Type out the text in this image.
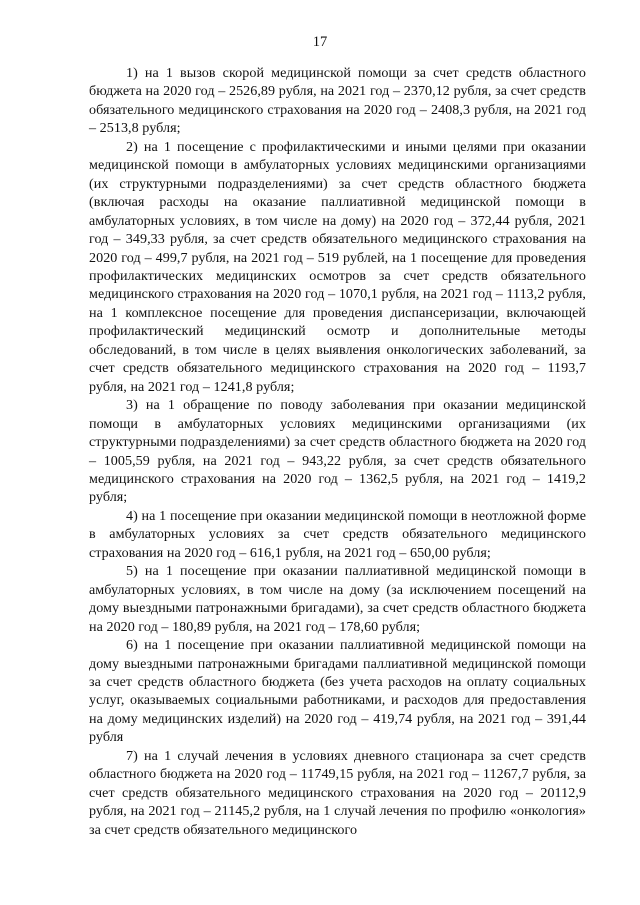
17

1) на 1 вызов скорой медицинской помощи за счет средств областного бюджета на 2020 год – 2526,89 рубля, на 2021 год – 2370,12 рубля, за счет средств обязательного медицинского страхования на 2020 год – 2408,3 рубля, на 2021 год – 2513,8 рубля;

2) на 1 посещение с профилактическими и иными целями при оказании медицинской помощи в амбулаторных условиях медицинскими организациями (их структурными подразделениями) за счет средств областного бюджета (включая расходы на оказание паллиативной медицинской помощи в амбулаторных условиях, в том числе на дому) на 2020 год – 372,44 рубля, 2021 год – 349,33 рубля, за счет средств обязательного медицинского страхования на 2020 год – 499,7 рубля, на 2021 год – 519 рублей, на 1 посещение для проведения профилактических медицинских осмотров за счет средств обязательного медицинского страхования на 2020 год – 1070,1 рубля, на 2021 год – 1113,2 рубля, на 1 комплексное посещение для проведения диспансеризации, включающей профилактический медицинский осмотр и дополнительные методы обследований, в том числе в целях выявления онкологических заболеваний, за счет средств обязательного медицинского страхования на 2020 год – 1193,7 рубля, на 2021 год – 1241,8 рубля;

3) на 1 обращение по поводу заболевания при оказании медицинской помощи в амбулаторных условиях медицинскими организациями (их структурными подразделениями) за счет средств областного бюджета на 2020 год – 1005,59 рубля, на 2021 год – 943,22 рубля, за счет средств обязательного медицинского страхования на 2020 год – 1362,5 рубля, на 2021 год – 1419,2 рубля;

4) на 1 посещение при оказании медицинской помощи в неотложной форме в амбулаторных условиях за счет средств обязательного медицинского страхования на 2020 год – 616,1 рубля, на 2021 год – 650,00 рубля;

5) на 1 посещение при оказании паллиативной медицинской помощи в амбулаторных условиях, в том числе на дому (за исключением посещений на дому выездными патронажными бригадами), за счет средств областного бюджета на 2020 год – 180,89 рубля, на 2021 год – 178,60 рубля;

6) на 1 посещение при оказании паллиативной медицинской помощи на дому выездными патронажными бригадами паллиативной медицинской помощи за счет средств областного бюджета (без учета расходов на оплату социальных услуг, оказываемых социальными работниками, и расходов для предоставления на дому медицинских изделий) на 2020 год – 419,74 рубля, на 2021 год – 391,44 рубля

7) на 1 случай лечения в условиях дневного стационара за счет средств областного бюджета на 2020 год – 11749,15 рубля, на 2021 год – 11267,7 рубля, за счет средств обязательного медицинского страхования на 2020 год – 20112,9 рубля, на 2021 год – 21145,2 рубля, на 1 случай лечения по профилю «онкология» за счет средств обязательного медицинского
